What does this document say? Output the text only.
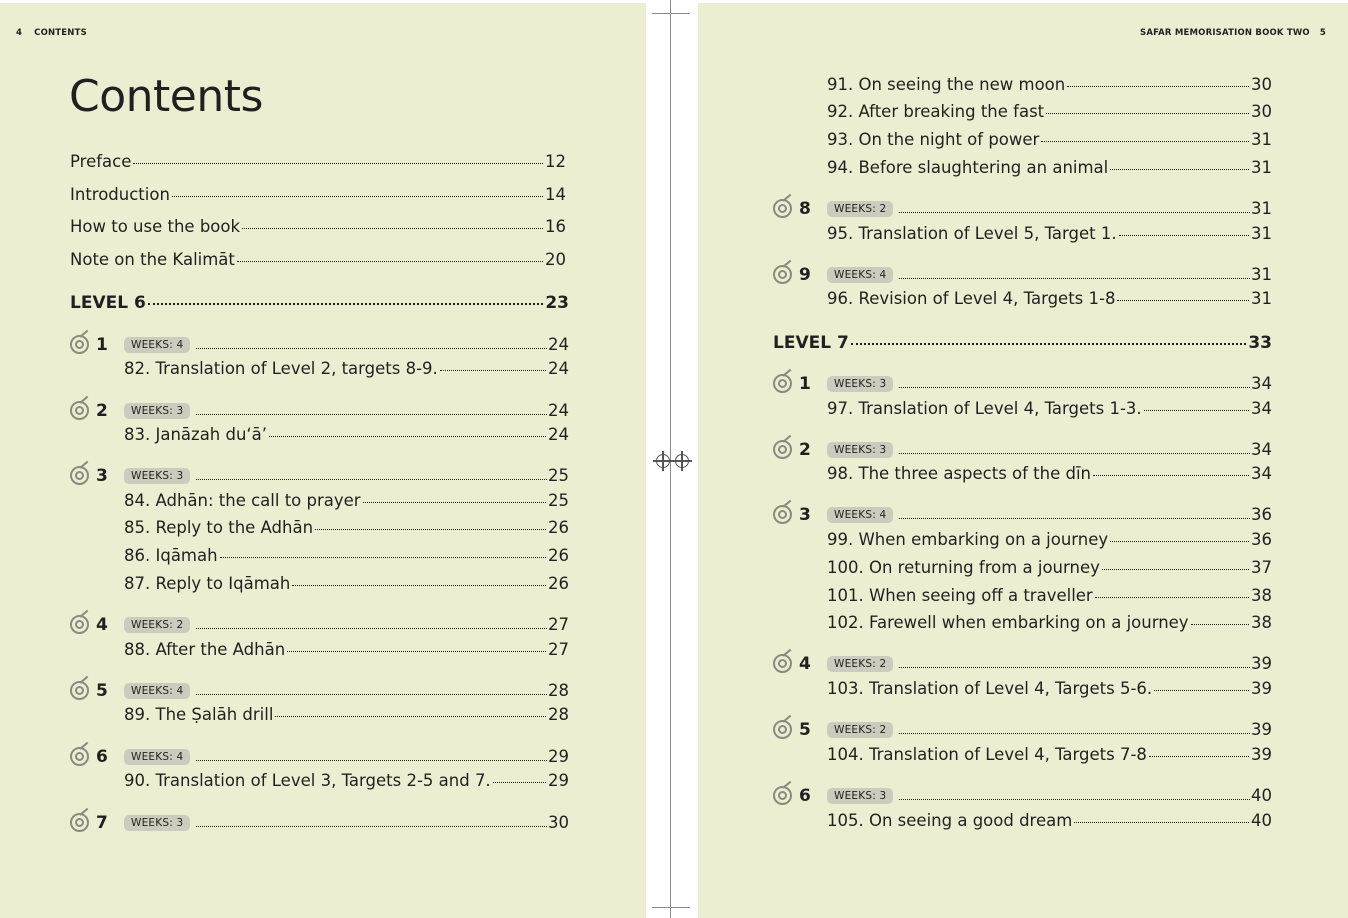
4 CONTENTS
Contents
Preface	12
Introduction	14
How to use the book	16
Note on the Kalimāt	20
LEVEL 6	23
1	WEEKS: 4	24
82. Translation of Level 2, targets 8-9.	24
2	WEEKS: 3	24
83. Janāzah du‘ā’	24
3	WEEKS: 3	25
84. Adhān: the call to prayer	25
85. Reply to the Adhān	26
86. Iqāmah	26
87. Reply to Iqāmah	26
4	WEEKS: 2	27
88. After the Adhān	27
5	WEEKS: 4	28
89. The Ṣalāh drill	28
6	WEEKS: 4	29
90. Translation of Level 3, Targets 2-5 and 7.	29
7	WEEKS: 3	30
SAFAR MEMORISATION BOOK TWO 5
91. On seeing the new moon	30
92. After breaking the fast	30
93. On the night of power	31
94. Before slaughtering an animal	31
8	WEEKS: 2	31
95. Translation of Level 5, Target 1.	31
9	WEEKS: 4	31
96. Revision of Level 4, Targets 1-8	31
LEVEL 7	33
1	WEEKS: 3	34
97. Translation of Level 4, Targets 1-3.	34
2	WEEKS: 3	34
98. The three aspects of the dīn	34
3	WEEKS: 4	36
99. When embarking on a journey	36
100. On returning from a journey	37
101. When seeing off a traveller	38
102. Farewell when embarking on a journey	38
4	WEEKS: 2	39
103. Translation of Level 4, Targets 5-6.	39
5	WEEKS: 2	39
104. Translation of Level 4, Targets 7-8	39
6	WEEKS: 3	40
105. On seeing a good dream	40
